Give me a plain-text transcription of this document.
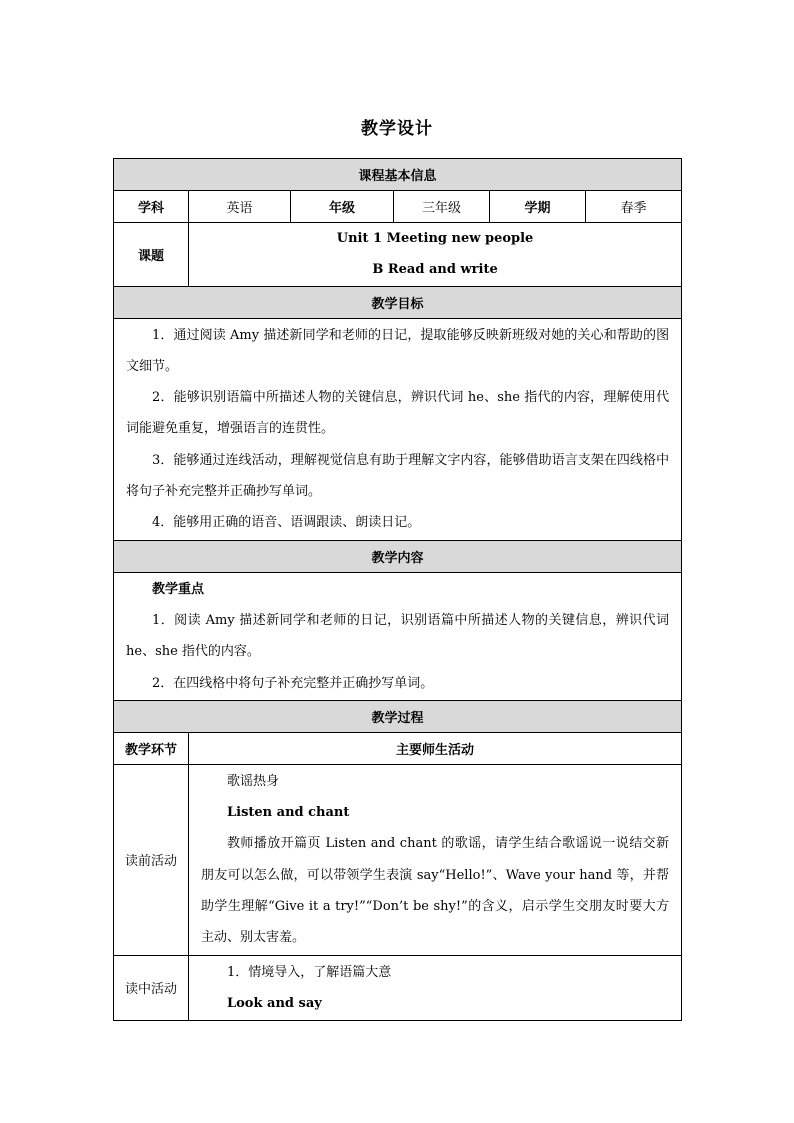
教学设计
课程基本信息					
学科	英语	年级	三年级	学期	春季
课题	Unit 1 Meeting new people
B Read and write				

教学目标					

1．通过阅读 Amy 描述新同学和老师的日记，提取能够反映新班级对她的关心和帮助的图文细节。
2．能够识别语篇中所描述人物的关键信息，辨识代词 he、she 指代的内容，理解使用代词能避免重复，增强语言的连贯性。
3．能够通过连线活动，理解视觉信息有助于理解文字内容，能够借助语言支架在四线格中将句子补充完整并正确抄写单词。
4．能够用正确的语音、语调跟读、朗读日记。					

教学内容					

教学重点
1．阅读 Amy 描述新同学和老师的日记，识别语篇中所描述人物的关键信息，辨识代词 he、she 指代的内容。
2．在四线格中将句子补充完整并正确抄写单词。					

教学过程					
教学环节	主要师生活动				
读前活动	歌谣热身
Listen and chant
教师播放开篇页 Listen and chant 的歌谣，请学生结合歌谣说一说结交新朋友可以怎么做，可以带领学生表演 say“Hello!”、Wave your hand 等，并帮助学生理解“Give it a try!”“Don’t be shy!”的含义，启示学生交朋友时要大方主动、别太害羞。				

读中活动	1．情境导入，了解语篇大意
Look and say				
